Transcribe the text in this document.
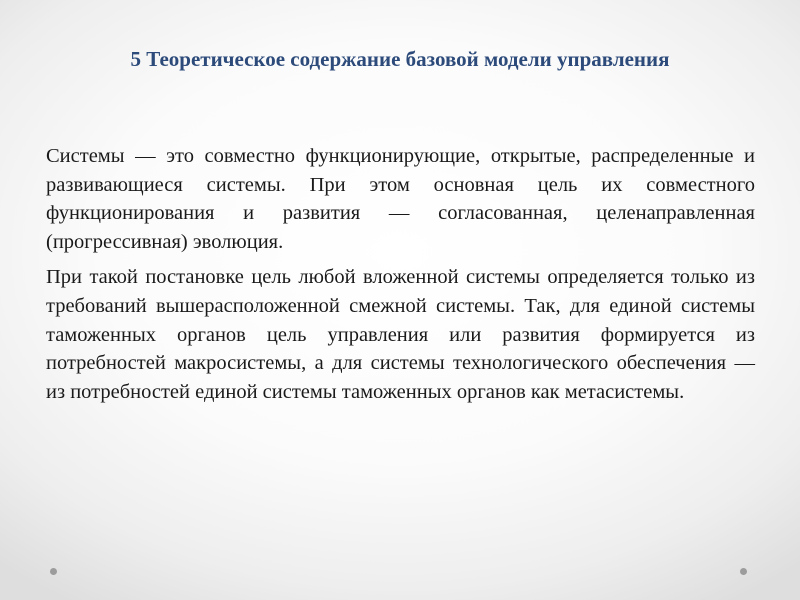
5 Теоретическое содержание базовой модели управления

Системы — это совместно функционирующие, открытые, распределенные и развивающиеся системы. При этом основная цель их совместного функционирования и развития — согласованная, целенаправленная (прогрессивная) эволюция.

При такой постановке цель любой вложенной системы определяется только из требований вышерасположенной смежной системы. Так, для единой системы таможенных органов цель управления или развития формируется из потребностей макросистемы, а для системы технологического обеспечения — из потребностей единой системы таможенных органов как метасистемы.
